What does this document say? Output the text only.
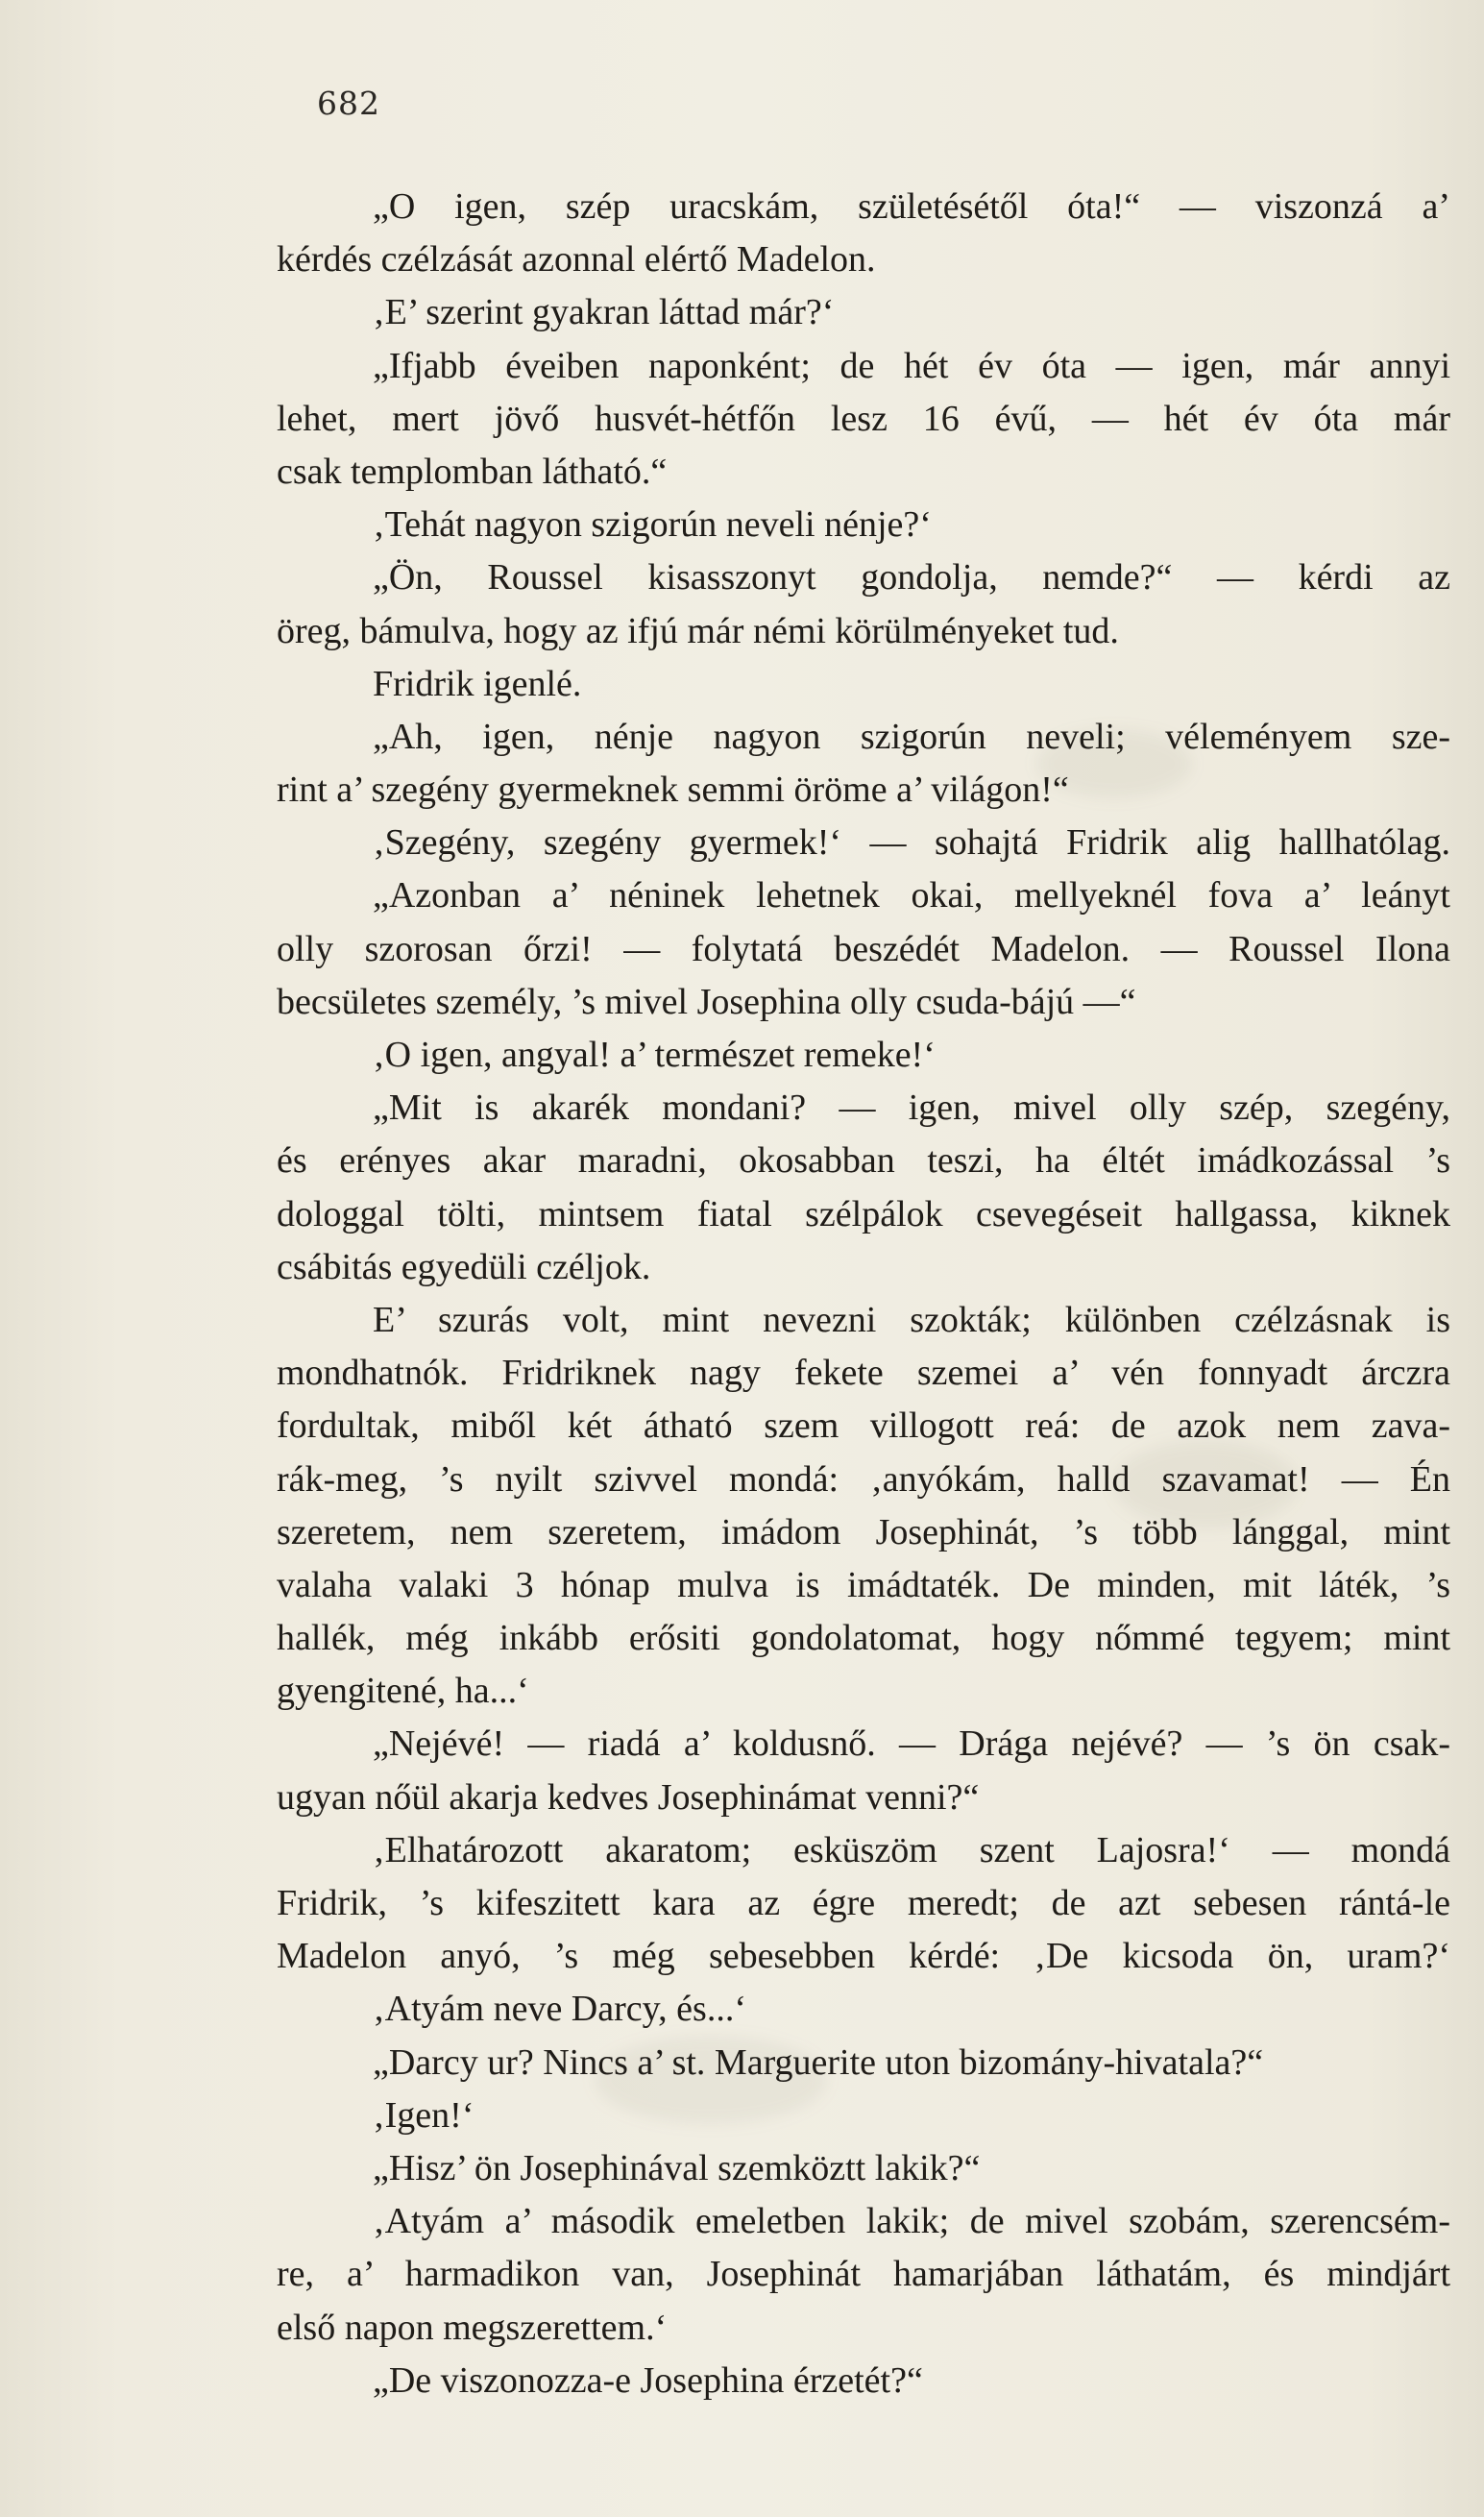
682
„O igen, szép uracskám, születésétől óta!“ — viszonzá a’
kérdés czélzását azonnal elértő Madelon.
‚E’ szerint gyakran láttad már?‘
„Ifjabb éveiben naponként; de hét év óta — igen, már annyi
lehet, mert jövő husvét-hétfőn lesz 16 évű, — hét év óta már
csak templomban látható.“
‚Tehát nagyon szigorún neveli nénje?‘
„Ön, Roussel kisasszonyt gondolja, nemde?“ — kérdi az
öreg, bámulva, hogy az ifjú már némi körülményeket tud.
Fridrik igenlé.
„Ah, igen, nénje nagyon szigorún neveli; véleményem sze-
rint a’ szegény gyermeknek semmi öröme a’ világon!“
‚Szegény, szegény gyermek!‘ — sohajtá Fridrik alig hallhatólag.
„Azonban a’ néninek lehetnek okai, mellyeknél fova a’ leányt
olly szorosan őrzi! — folytatá beszédét Madelon. — Roussel Ilona
becsületes személy, ’s mivel Josephina olly csuda-bájú —“
‚O igen, angyal! a’ természet remeke!‘
„Mit is akarék mondani? — igen, mivel olly szép, szegény,
és erényes akar maradni, okosabban teszi, ha éltét imádkozással ’s
dologgal tölti, mintsem fiatal szélpálok csevegéseit hallgassa, kiknek
csábitás egyedüli czéljok.
E’ szurás volt, mint nevezni szokták; különben czélzásnak is
mondhatnók. Fridriknek nagy fekete szemei a’ vén fonnyadt árczra
fordultak, miből két átható szem villogott reá: de azok nem zava-
rák-meg, ’s nyilt szivvel mondá: ‚anyókám, halld szavamat! — Én
szeretem, nem szeretem, imádom Josephinát, ’s több lánggal, mint
valaha valaki 3 hónap mulva is imádtaték. De minden, mit láték, ’s
hallék, még inkább erősiti gondolatomat, hogy nőmmé tegyem; mint
gyengitené, ha...‘
„Nejévé! — riadá a’ koldusnő. — Drága nejévé? — ’s ön csak-
ugyan nőül akarja kedves Josephinámat venni?“
‚Elhatározott akaratom; esküszöm szent Lajosra!‘ — mondá
Fridrik, ’s kifeszitett kara az égre meredt; de azt sebesen rántá-le
Madelon anyó, ’s még sebesebben kérdé: ‚De kicsoda ön, uram?‘
‚Atyám neve Darcy, és...‘
„Darcy ur? Nincs a’ st. Marguerite uton bizomány-hivatala?“
‚Igen!‘
„Hisz’ ön Josephinával szemköztt lakik?“
‚Atyám a’ második emeletben lakik; de mivel szobám, szerencsém-
re, a’ harmadikon van, Josephinát hamarjában láthatám, és mindjárt
első napon megszerettem.‘
„De viszonozza-e Josephina érzetét?“
